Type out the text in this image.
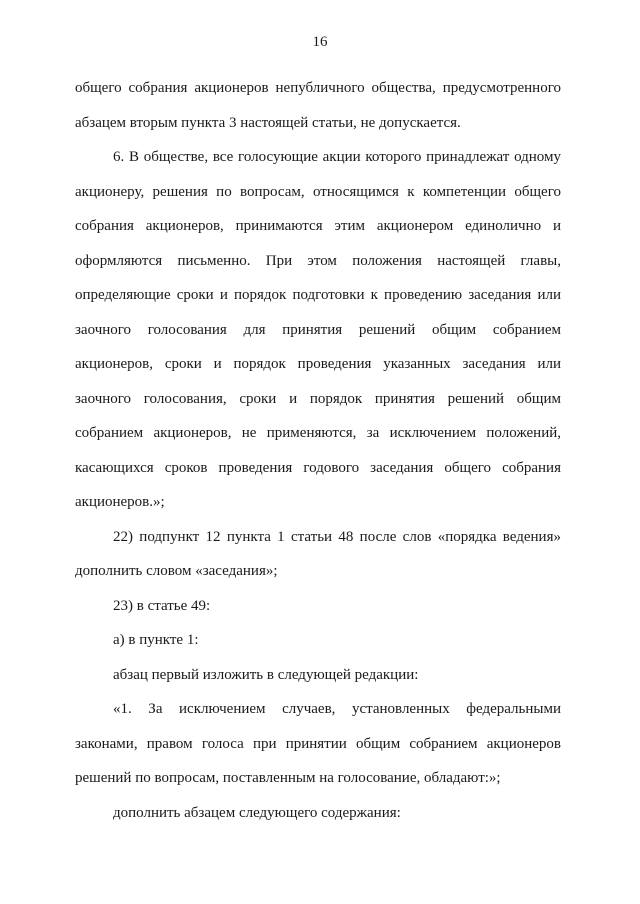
16

общего собрания акционеров непубличного общества, предусмотренного абзацем вторым пункта 3 настоящей статьи, не допускается.

6. В обществе, все голосующие акции которого принадлежат одному акционеру, решения по вопросам, относящимся к компетенции общего собрания акционеров, принимаются этим акционером единолично и оформляются письменно. При этом положения настоящей главы, определяющие сроки и порядок подготовки к проведению заседания или заочного голосования для принятия решений общим собранием акционеров, сроки и порядок проведения указанных заседания или заочного голосования, сроки и порядок принятия решений общим собранием акционеров, не применяются, за исключением положений, касающихся сроков проведения годового заседания общего собрания акционеров.»;

22) подпункт 12 пункта 1 статьи 48 после слов «порядка ведения» дополнить словом «заседания»;

23) в статье 49:

а) в пункте 1:

абзац первый изложить в следующей редакции:

«1. За исключением случаев, установленных федеральными законами, правом голоса при принятии общим собранием акционеров решений по вопросам, поставленным на голосование, обладают:»;

дополнить абзацем следующего содержания:
